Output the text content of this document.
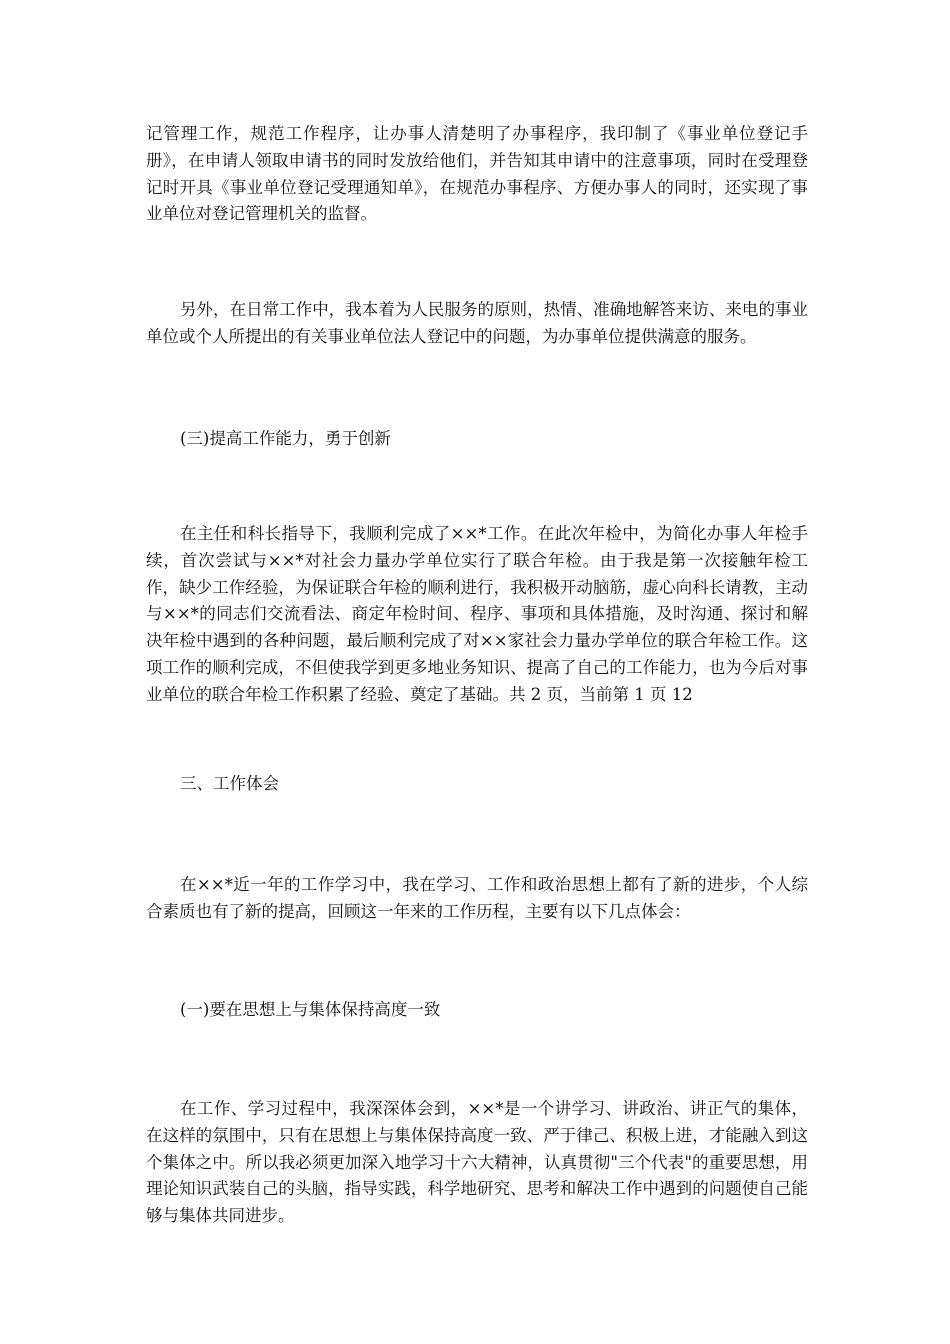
记管理工作，规范工作程序，让办事人清楚明了办事程序，我印制了《事业单位登记手册》，在申请人领取申请书的同时发放给他们，并告知其申请中的注意事项，同时在受理登记时开具《事业单位登记受理通知单》，在规范办事程序、方便办事人的同时，还实现了事业单位对登记管理机关的监督。

另外，在日常工作中，我本着为人民服务的原则，热情、准确地解答来访、来电的事业单位或个人所提出的有关事业单位法人登记中的问题，为办事单位提供满意的服务。

(三)提高工作能力，勇于创新

在主任和科长指导下，我顺利完成了××*工作。在此次年检中，为简化办事人年检手续，首次尝试与××*对社会力量办学单位实行了联合年检。由于我是第一次接触年检工作，缺少工作经验，为保证联合年检的顺利进行，我积极开动脑筋，虚心向科长请教，主动与××*的同志们交流看法、商定年检时间、程序、事项和具体措施，及时沟通、探讨和解决年检中遇到的各种问题，最后顺利完成了对××家社会力量办学单位的联合年检工作。这项工作的顺利完成，不但使我学到更多地业务知识、提高了自己的工作能力，也为今后对事业单位的联合年检工作积累了经验、奠定了基础。共 2 页，当前第 1 页 12

三、工作体会

在××*近一年的工作学习中，我在学习、工作和政治思想上都有了新的进步，个人综合素质也有了新的提高，回顾这一年来的工作历程，主要有以下几点体会：

(一)要在思想上与集体保持高度一致

在工作、学习过程中，我深深体会到，××*是一个讲学习、讲政治、讲正气的集体，在这样的氛围中，只有在思想上与集体保持高度一致、严于律己、积极上进，才能融入到这个集体之中。所以我必须更加深入地学习十六大精神，认真贯彻"三个代表"的重要思想，用理论知识武装自己的头脑，指导实践，科学地研究、思考和解决工作中遇到的问题使自己能够与集体共同进步。
